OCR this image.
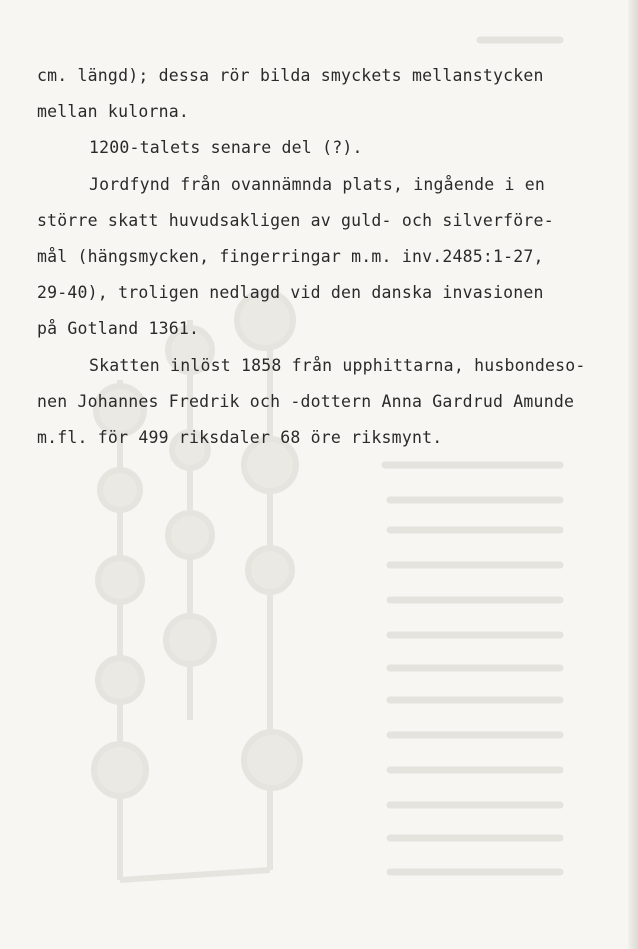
cm. längd); dessa rör bilda smyckets mellanstycken
mellan kulorna.
1200-talets senare del (?).
Jordfynd från ovannämnda plats, ingående i en
större skatt huvudsakligen av guld- och silverföre-
mål (hängsmycken, fingerringar m.m. inv.2485:1-27,
29-40), troligen nedlagd vid den danska invasionen
på Gotland 1361.
Skatten inlöst 1858 från upphittarna, husbondeso-
nen Johannes Fredrik och -dottern Anna Gardrud Amunde
m.fl. för 499 riksdaler 68 öre riksmynt.
